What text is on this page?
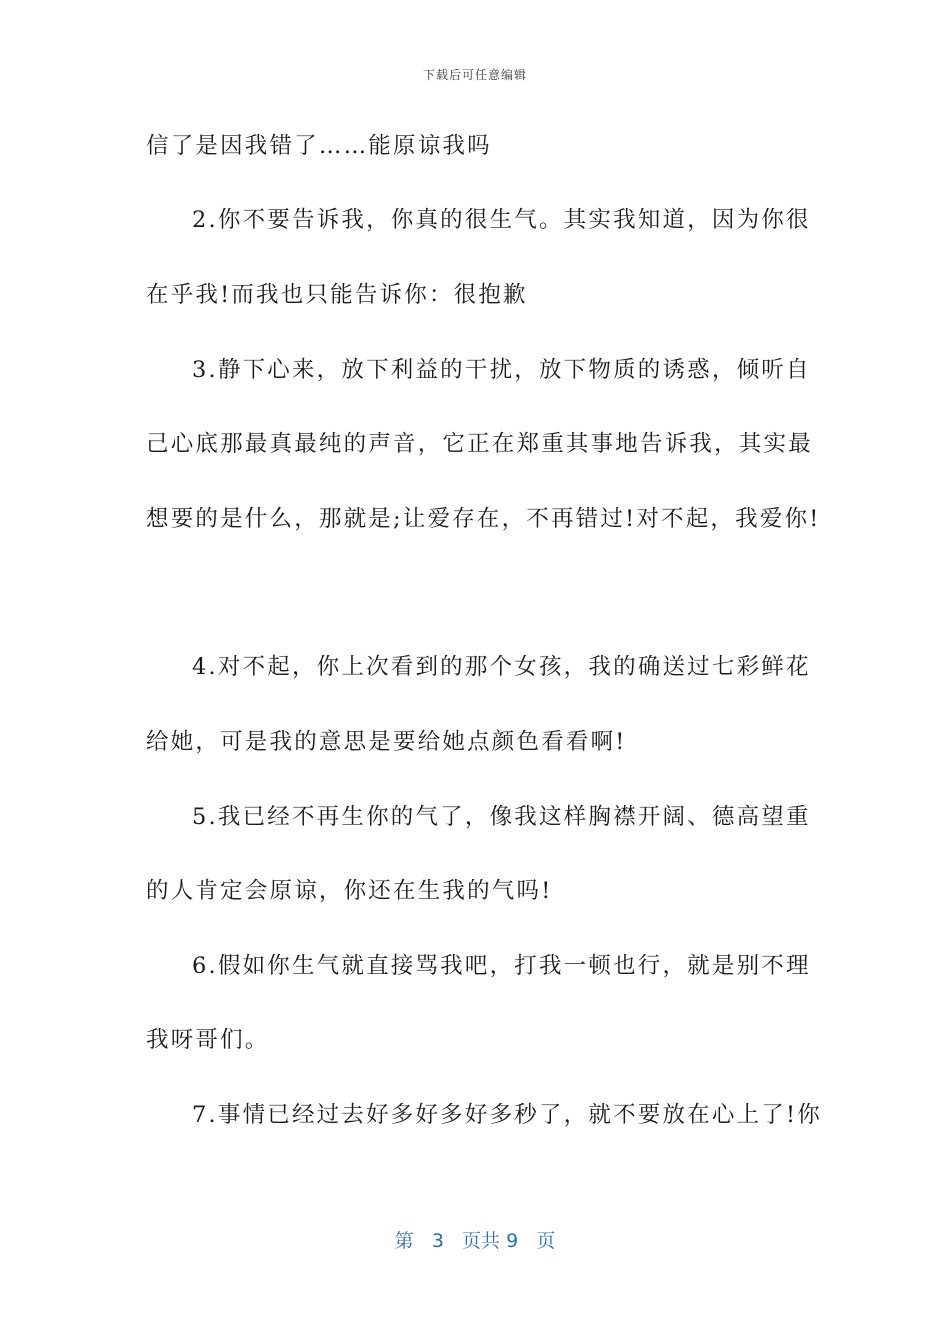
下载后可任意编辑
信了是因我错了……能原谅我吗
2.你不要告诉我，你真的很生气。其实我知道，因为你很
在乎我!而我也只能告诉你：很抱歉
3.静下心来，放下利益的干扰，放下物质的诱惑，倾听自
己心底那最真最纯的声音，它正在郑重其事地告诉我，其实最
想要的是什么，那就是;让爱存在，不再错过!对不起，我爱你!
4.对不起，你上次看到的那个女孩，我的确送过七彩鲜花
给她，可是我的意思是要给她点颜色看看啊!
5.我已经不再生你的气了，像我这样胸襟开阔、德高望重
的人肯定会原谅，你还在生我的气吗!
6.假如你生气就直接骂我吧，打我一顿也行，就是别不理
我呀哥们。
7.事情已经过去好多好多好多秒了，就不要放在心上了!你
第 3 页共 9 页
